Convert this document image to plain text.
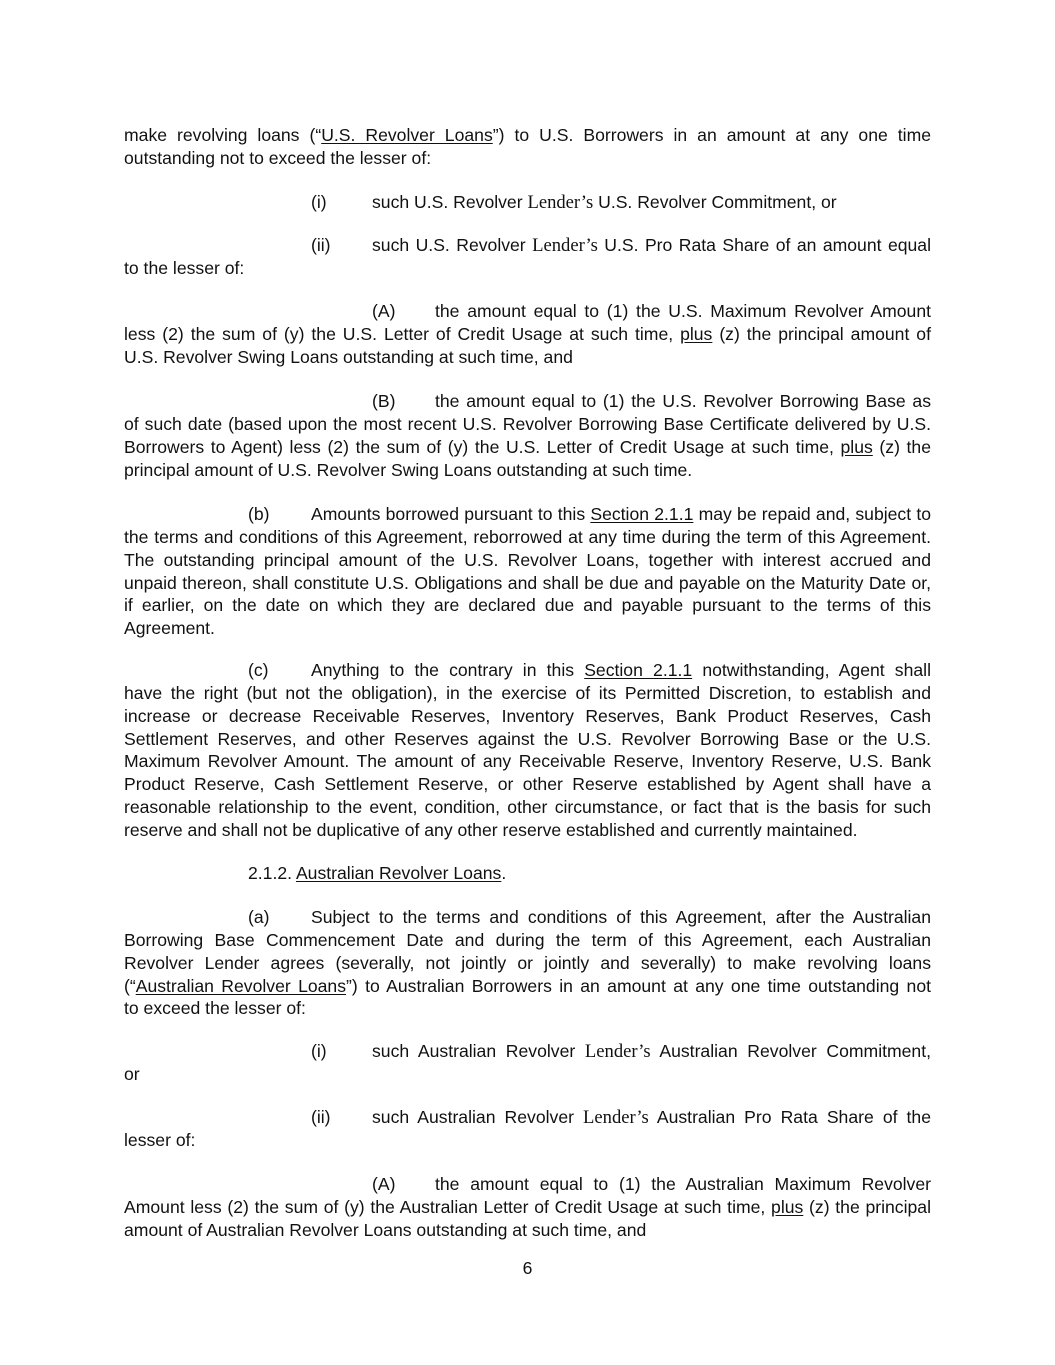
make revolving loans (“U.S. Revolver Loans”) to U.S. Borrowers in an amount at any one time
outstanding not to exceed the lesser of:
(i)	such U.S. Revolver Lender’s U.S. Revolver Commitment, or
(ii) such U.S. Revolver Lender’s U.S. Pro Rata Share of an amount equal
to the lesser of:
(A) the amount equal to (1) the U.S. Maximum Revolver Amount
less (2) the sum of (y) the U.S. Letter of Credit Usage at such time, plus (z) the principal amount of
U.S. Revolver Swing Loans outstanding at such time, and
(B) the amount equal to (1) the U.S. Revolver Borrowing Base as
of such date (based upon the most recent U.S. Revolver Borrowing Base Certificate delivered by U.S.
Borrowers to Agent) less (2) the sum of (y) the U.S. Letter of Credit Usage at such time, plus (z) the
principal amount of U.S. Revolver Swing Loans outstanding at such time.
(b) Amounts borrowed pursuant to this Section 2.1.1 may be repaid and, subject to
the terms and conditions of this Agreement, reborrowed at any time during the term of this Agreement.
The outstanding principal amount of the U.S. Revolver Loans, together with interest accrued and
unpaid thereon, shall constitute U.S. Obligations and shall be due and payable on the Maturity Date or,
if earlier, on the date on which they are declared due and payable pursuant to the terms of this
Agreement.
(c) Anything to the contrary in this Section 2.1.1 notwithstanding, Agent shall
have the right (but not the obligation), in the exercise of its Permitted Discretion, to establish and
increase or decrease Receivable Reserves, Inventory Reserves, Bank Product Reserves, Cash
Settlement Reserves, and other Reserves against the U.S. Revolver Borrowing Base or the U.S.
Maximum Revolver Amount. The amount of any Receivable Reserve, Inventory Reserve, U.S. Bank
Product Reserve, Cash Settlement Reserve, or other Reserve established by Agent shall have a
reasonable relationship to the event, condition, other circumstance, or fact that is the basis for such
reserve and shall not be duplicative of any other reserve established and currently maintained.
2.1.2. Australian Revolver Loans.
(a) Subject to the terms and conditions of this Agreement, after the Australian
Borrowing Base Commencement Date and during the term of this Agreement, each Australian
Revolver Lender agrees (severally, not jointly or jointly and severally) to make revolving loans
(“Australian Revolver Loans”) to Australian Borrowers in an amount at any one time outstanding not
to exceed the lesser of:
(i)	such Australian Revolver Lender’s Australian Revolver Commitment,
or
(ii) such Australian Revolver Lender’s Australian Pro Rata Share of the
lesser of:
(A) the amount equal to (1) the Australian Maximum Revolver
Amount less (2) the sum of (y) the Australian Letter of Credit Usage at such time, plus (z) the principal
amount of Australian Revolver Loans outstanding at such time, and
6
